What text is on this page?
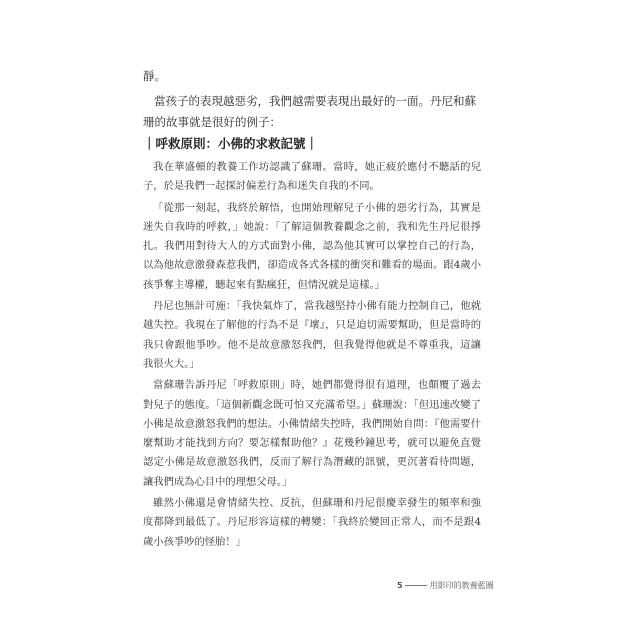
靜。

當孩子的表現越惡劣，我們越需要表現出最好的一面。丹尼和蘇珊的故事就是很好的例子：

｜呼救原則：小佛的求救記號｜

我在華盛頓的教養工作坊認識了蘇珊。當時，她正疲於應付不聽話的兒子，於是我們一起探討偏差行為和迷失自我的不同。

「從那一刻起，我終於解悟，也開始理解兒子小佛的惡劣行為，其實是迷失自我時的呼救，」她說：「了解這個教養觀念之前，我和先生丹尼很掙扎。我們用對待大人的方式面對小佛，認為他其實可以掌控自己的行為，以為他故意激發森惹我們，卻造成各式各樣的衝突和難看的場面。跟4歲小孩爭奪主導權，聽起來有點瘋狂，但情況就是這樣。」

丹尼也無計可施：「我快氣炸了，當我越堅持小佛有能力控制自己，他就越失控。我現在了解他的行為不是『壞』，只是迫切需要幫助，但是當時的我只會跟他爭吵。他不是故意激怒我們，但我覺得他就是不尊重我，這讓我很火大。」

當蘇珊告訴丹尼「呼救原則」時，她們都覺得很有道理，也顛覆了過去對兒子的態度。「這個新觀念既可怕又充滿希望。」蘇珊說：「但迅速改變了小佛是故意激怒我們的想法。小佛情緒失控時，我們開始自問：『他需要什麼幫助才能找到方向？要怎樣幫助他？』花幾秒鐘思考，就可以避免直覺認定小佛是故意激怒我們，反而了解行為潛藏的訊號，更沉著看待問題，讓我們成為心目中的理想父母。」

雖然小佛還是會情緒失控、反抗，但蘇珊和丹尼很慶幸發生的頻率和強度都降到最低了。丹尼形容這樣的轉變：「我終於變回正常人，而不是跟4歲小孩爭吵的怪胎！」

5	用影印的教養藍圖
